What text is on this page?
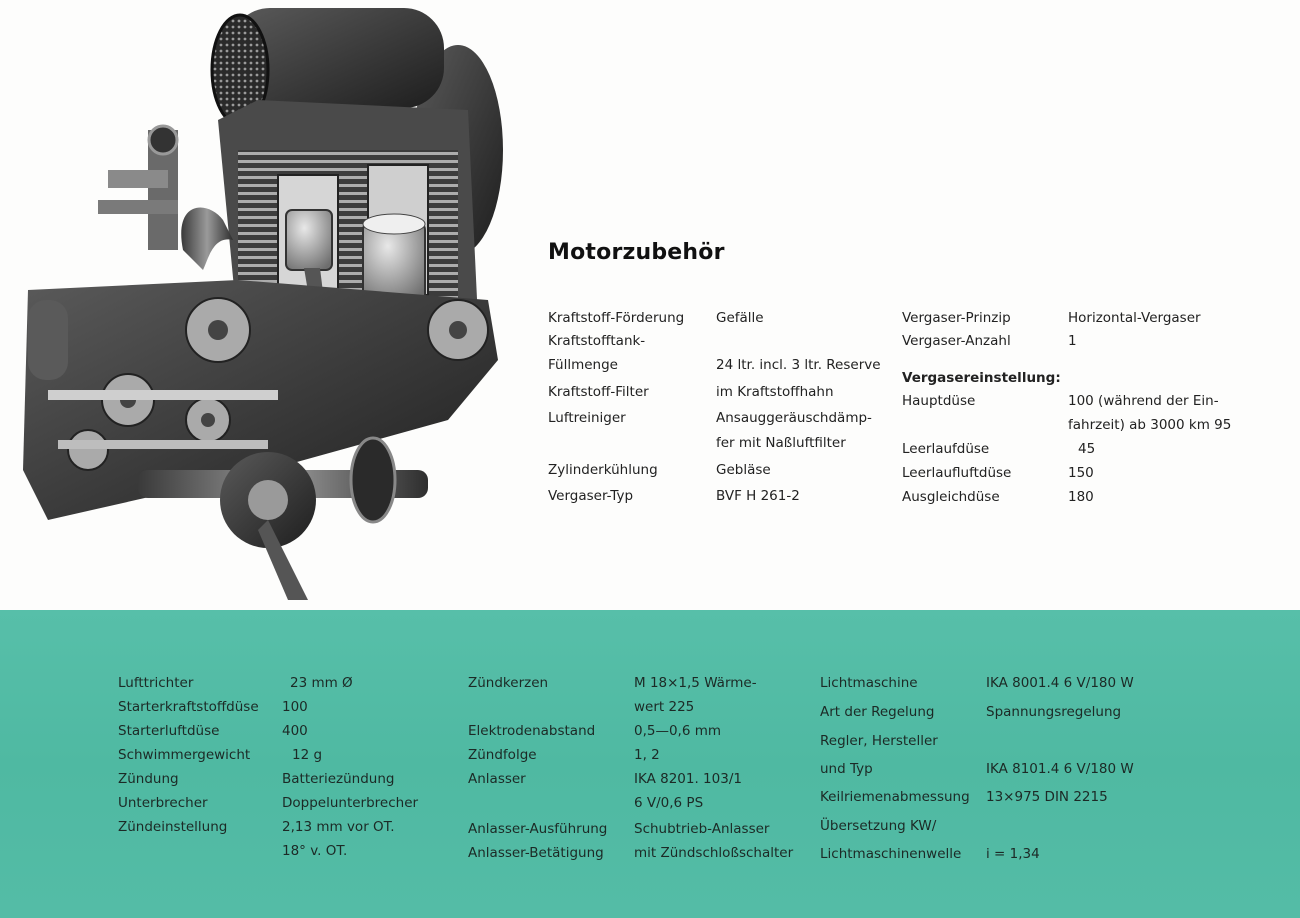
Motorzubehör
Kraftstoff-Förderung
Kraftstofftank-
Füllmenge
Kraftstoff-Filter
Luftreiniger
Zylinderkühlung
Vergaser-Typ
Gefälle
24 ltr. incl. 3 ltr. Reserve
im Kraftstoffhahn
Ansauggeräuschdämp-
fer mit Naßluftfilter
Gebläse
BVF H 261-2
Vergaser-Prinzip
Vergaser-Anzahl
Vergasereinstellung:
Hauptdüse
Leerlaufdüse
Leerlaufluftdüse
Ausgleichdüse
Horizontal-Vergaser
1
100 (während der Ein-
fahrzeit) ab 3000 km 95
45
150
180
Lufttrichter
Starterkraftstoffdüse
Starterluftdüse
Schwimmergewicht
Zündung
Unterbrecher
Zündeinstellung
23 mm Ø
100
400
12 g
Batteriezündung
Doppelunterbrecher
2,13 mm vor OT.
18° v. OT.
Zündkerzen
Elektrodenabstand
Zündfolge
Anlasser
Anlasser-Ausführung
Anlasser-Betätigung
M 18×1,5 Wärme-
wert 225
0,5—0,6 mm
1, 2
IKA 8201. 103/1
6 V/0,6 PS
Schubtrieb-Anlasser
mit Zündschloßschalter
Lichtmaschine
Art der Regelung
Regler, Hersteller
und Typ
Keilriemenabmessung
Übersetzung KW/
Lichtmaschinenwelle
IKA 8001.4 6 V/180 W
Spannungsregelung
IKA 8101.4 6 V/180 W
13×975 DIN 2215
i = 1,34
